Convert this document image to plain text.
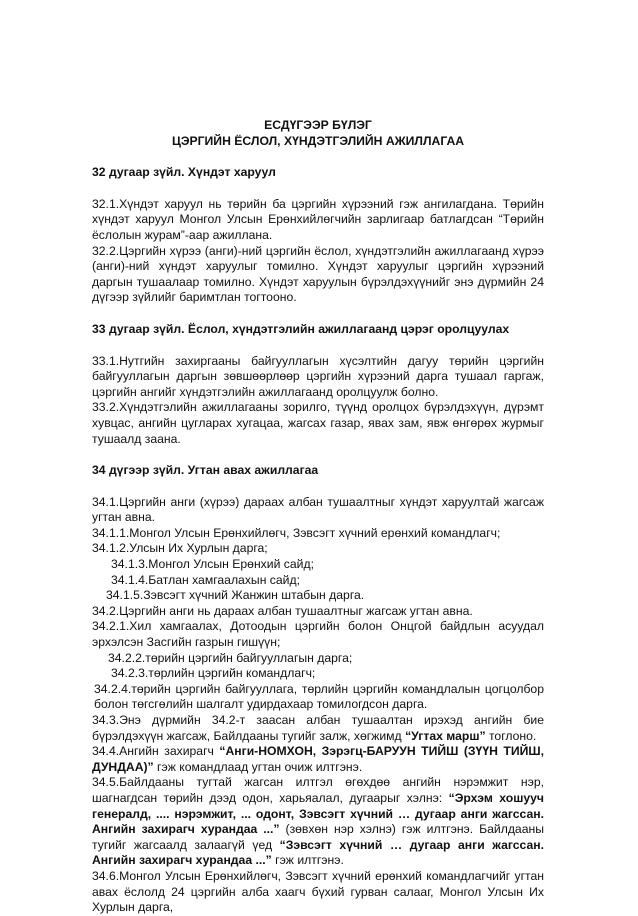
ЕСДҮГЭЭР БҮЛЭГ

ЦЭРГИЙН ЁСЛОЛ, ХҮНДЭТГЭЛИЙН АЖИЛЛАГАА

32 дугаар зүйл. Хүндэт харуул

32.1.Хүндэт харуул нь төрийн ба цэргийн хүрээний гэж ангилагдана. Төрийн хүндэт харуул Монгол Улсын Ерөнхийлөгчийн зарлигаар батлагдсан “Төрийн ёслолын журам”-аар ажиллана.

32.2.Цэргийн хүрээ (анги)-ний цэргийн ёслол, хүндэтгэлийн ажиллагаанд хүрээ (анги)-ний хүндэт харуулыг томилно. Хүндэт харуулыг цэргийн хүрээний даргын тушаалаар томилно. Хүндэт харуулын бүрэлдэхүүнийг энэ дүрмийн 24 дүгээр зүйлийг баримтлан тогтооно.

33 дугаар зүйл. Ёслол, хүндэтгэлийн ажиллагаанд цэрэг оролцуулах

33.1.Нутгийн захиргааны байгууллагын хүсэлтийн дагуу төрийн цэргийн байгууллагын даргын зөвшөөрлөөр цэргийн хүрээний дарга тушаал гаргаж, цэргийн ангийг хүндэтгэлийн ажиллагаанд оролцуулж болно.

33.2.Хүндэтгэлийн ажиллагааны зорилго, түүнд оролцох бүрэлдэхүүн, дүрэмт хувцас, ангийн цугларах хугацаа, жагсах газар, явах зам, явж өнгөрөх журмыг тушаалд заана.

34 дүгээр зүйл. Угтан авах ажиллагаа

34.1.Цэргийн анги (хүрээ) дараах албан тушаалтныг хүндэт харуултай жагсаж угтан авна.

34.1.1.Монгол Улсын Ерөнхийлөгч, Зэвсэгт хүчний ерөнхий командлагч;

34.1.2.Улсын Их Хурлын дарга;

34.1.3.Монгол Улсын Ерөнхий сайд;

34.1.4.Батлан хамгаалахын сайд;

34.1.5.Зэвсэгт хүчний Жанжин штабын дарга.

34.2.Цэргийн анги нь дараах албан тушаалтныг жагсаж угтан авна.

34.2.1.Хил хамгаалах, Дотоодын цэргийн болон Онцгой байдлын асуудал эрхэлсэн Засгийн газрын гишүүн;

34.2.2.төрийн цэргийн байгууллагын дарга;

34.2.3.төрлийн цэргийн командлагч;

34.2.4.төрийн цэргийн байгууллага, төрлийн цэргийн командлалын цогцолбор болон төгсгөлийн шалгалт удирдахаар томилогдсон дарга.

34.3.Энэ дүрмийн 34.2-т заасан албан тушаалтан ирэхэд ангийн бие бүрэлдэхүүн жагсаж, Байлдааны тугийг залж, хөгжимд “Угтах марш” тоглоно.

34.4.Ангийн захирагч “Анги-НОМХОН, Зэрэгц-БАРУУН ТИЙШ (ЗҮҮН ТИЙШ, ДУНДАА)” гэж командлаад угтан очиж илтгэнэ.

34.5.Байлдааны тугтай жагсан илтгэл өгөхдөө ангийн нэрэмжит нэр, шагнагдсан төрийн дээд одон, харьяалал, дугаарыг хэлнэ: “Эрхэм хошууч генералд, .... нэрэмжит, ... одонт, Зэвсэгт хүчний … дугаар анги жагссан. Ангийн захирагч хурандаа ...” (зөвхөн нэр хэлнэ) гэж илтгэнэ. Байлдааны тугийг жагсаалд залаагүй үед “Зэвсэгт хүчний … дугаар анги жагссан. Ангийн захирагч хурандаа ...” гэж илтгэнэ.

34.6.Монгол Улсын Ерөнхийлөгч, Зэвсэгт хүчний ерөнхий командлагчийг угтан авах ёслолд 24 цэргийн алба хаагч бүхий гурван салааг, Монгол Улсын Их Хурлын дарга,
